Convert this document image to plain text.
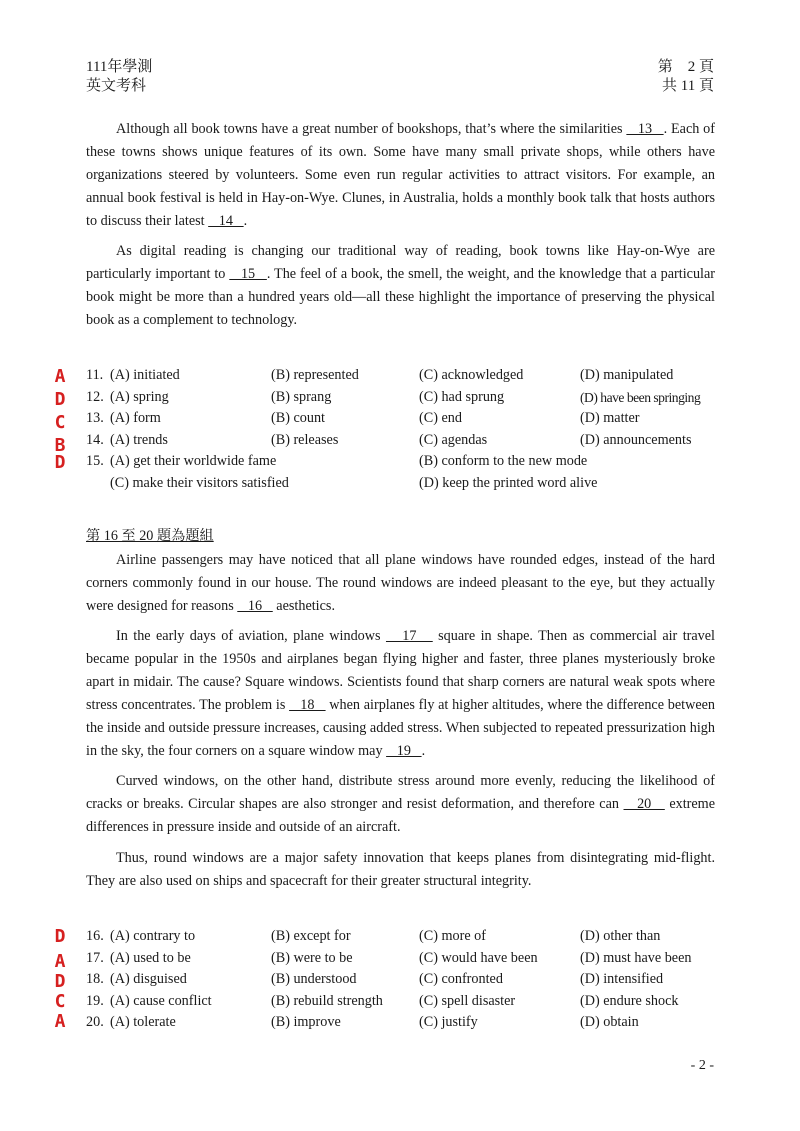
111年學測
英文考科
第　2 頁
共 11 頁

Although all book towns have a great number of bookshops, that’s where the similarities    13   . Each of these towns shows unique features of its own. Some have many small private shops, while others have organizations steered by volunteers. Some even run regular activities to attract visitors. For example, an annual book festival is held in Hay-on-Wye. Clunes, in Australia, holds a monthly book talk that hosts authors to discuss their latest    14   .

As digital reading is changing our traditional way of reading, book towns like Hay-on-Wye are particularly important to    15   . The feel of a book, the smell, the weight, and the knowledge that a particular book might be more than a hundred years old—all these highlight the importance of preserving the physical book as a complement to technology.

A
D
C
B
D
11. (A) initiated	(B) represented	(C) acknowledged	(D) manipulated
12. (A) spring	(B) sprang	(C) had sprung	(D) have been springing
13. (A) form	(B) count	(C) end	(D) matter
14. (A) trends	(B) releases	(C) agendas	(D) announcements
15. (A) get their worldwide fame	(B) conform to the new mode
(C) make their visitors satisfied	(D) keep the printed word alive
第 16 至 20 題為題組

Airline passengers may have noticed that all plane windows have rounded edges, instead of the hard corners commonly found in our house. The round windows are indeed pleasant to the eye, but they actually were designed for reasons    16    aesthetics.

In the early days of aviation, plane windows    17    square in shape. Then as commercial air travel became popular in the 1950s and airplanes began flying higher and faster, three planes mysteriously broke apart in midair. The cause? Square windows. Scientists found that sharp corners are natural weak spots where stress concentrates. The problem is    18    when airplanes fly at higher altitudes, where the difference between the inside and outside pressure increases, causing added stress. When subjected to repeated pressurization high in the sky, the four corners on a square window may    19   .

Curved windows, on the other hand, distribute stress around more evenly, reducing the likelihood of cracks or breaks. Circular shapes are also stronger and resist deformation, and therefore can    20    extreme differences in pressure inside and outside of an aircraft.

Thus, round windows are a major safety innovation that keeps planes from disintegrating mid-flight. They are also used on ships and spacecraft for their greater structural integrity.

D
A
D
C
A
16. (A) contrary to	(B) except for	(C) more of	(D) other than
17. (A) used to be	(B) were to be	(C) would have been	(D) must have been
18. (A) disguised	(B) understood	(C) confronted	(D) intensified
19. (A) cause conflict	(B) rebuild strength	(C) spell disaster	(D) endure shock
20. (A) tolerate	(B) improve	(C) justify	(D) obtain
- 2 -
